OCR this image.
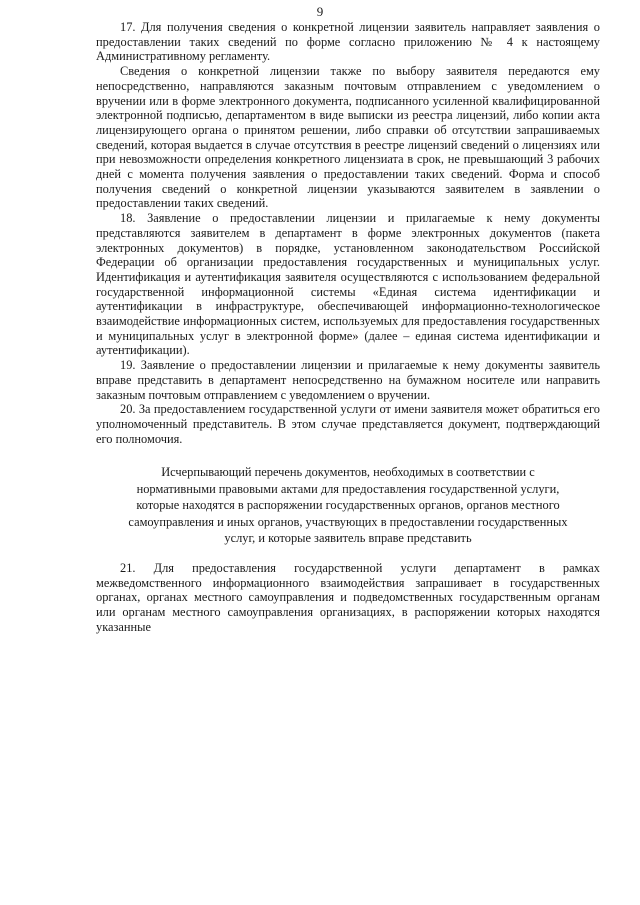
9

17. Для получения сведения о конкретной лицензии заявитель направляет заявления о предоставлении таких сведений по форме согласно приложению № 4 к настоящему Административному регламенту.

Сведения о конкретной лицензии также по выбору заявителя передаются ему непосредственно, направляются заказным почтовым отправлением с уведомлением о вручении или в форме электронного документа, подписанного усиленной квалифицированной электронной подписью, департаментом в виде выписки из реестра лицензий, либо копии акта лицензирующего органа о принятом решении, либо справки об отсутствии запрашиваемых сведений, которая выдается в случае отсутствия в реестре лицензий сведений о лицензиях или при невозможности определения конкретного лицензиата в срок, не превышающий 3 рабочих дней с момента получения заявления о предоставлении таких сведений. Форма и способ получения сведений о конкретной лицензии указываются заявителем в заявлении о предоставлении таких сведений.

18. Заявление о предоставлении лицензии и прилагаемые к нему документы представляются заявителем в департамент в форме электронных документов (пакета электронных документов) в порядке, установленном законодательством Российской Федерации об организации предоставления государственных и муниципальных услуг. Идентификация и аутентификация заявителя осуществляются с использованием федеральной государственной информационной системы «Единая система идентификации и аутентификации в инфраструктуре, обеспечивающей информационно-технологическое взаимодействие информационных систем, используемых для предоставления государственных и муниципальных услуг в электронной форме» (далее – единая система идентификации и аутентификации).

19. Заявление о предоставлении лицензии и прилагаемые к нему документы заявитель вправе представить в департамент непосредственно на бумажном носителе или направить заказным почтовым отправлением с уведомлением о вручении.

20. За предоставлением государственной услуги от имени заявителя может обратиться его уполномоченный представитель. В этом случае представляется документ, подтверждающий его полномочия.

Исчерпывающий перечень документов, необходимых в соответствии с нормативными правовыми актами для предоставления государственной услуги, которые находятся в распоряжении государственных органов, органов местного самоуправления и иных органов, участвующих в предоставлении государственных услуг, и которые заявитель вправе представить

21. Для предоставления государственной услуги департамент в рамках межведомственного информационного взаимодействия запрашивает в государственных органах, органах местного самоуправления и подведомственных государственным органам или органам местного самоуправления организациях, в распоряжении которых находятся указанные
